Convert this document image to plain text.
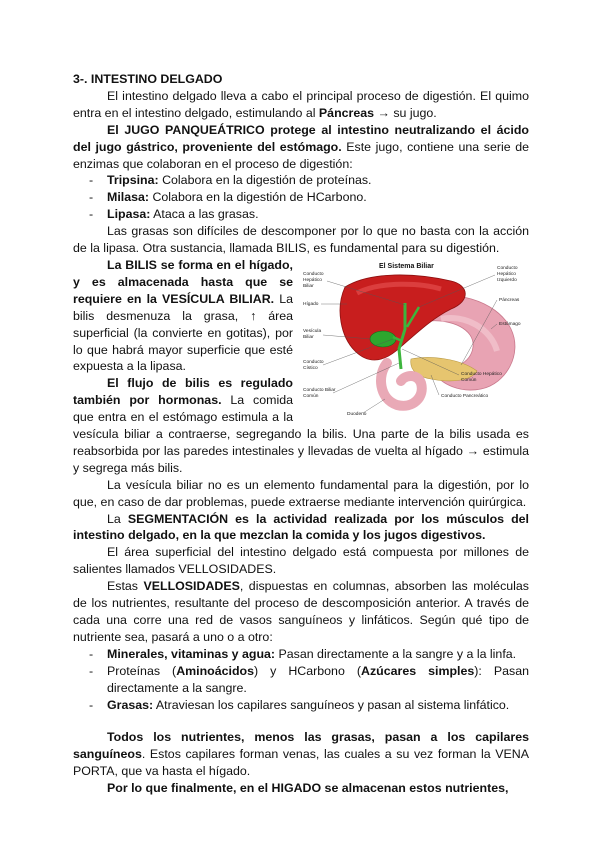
3-. INTESTINO DELGADO

El intestino delgado lleva a cabo el principal proceso de digestión. El quimo entra en el intestino delgado, estimulando al Páncreas → su jugo.

El JUGO PANQUEÁTRICO protege al intestino neutralizando el ácido del jugo gástrico, proveniente del estómago. Este jugo, contiene una serie de enzimas que colaboran en el proceso de digestión:

- Tripsina: Colabora en la digestión de proteínas.
- Milasa: Colabora en la digestión de HCarbono.
- Lipasa: Ataca a las grasas.

Las grasas son difíciles de descomponer por lo que no basta con la acción de la lipasa. Otra sustancia, llamada BILIS, es fundamental para su digestión.

El Sistema Biliar
Conducto Hepático Biliar
Hígado
Vesícula Biliar
Conducto Cístico
Conducto Biliar Común
Duodeno
Conducto Hepático Izquierdo
Páncreas
Estómago
Conducto Hepático Común
Conducto Pancreático

La BILIS se forma en el hígado, y es almacenada hasta que se requiere en la VESÍCULA BILIAR. La bilis desmenuza la grasa, ↑ área superficial (la convierte en gotitas), por lo que habrá mayor superficie que esté expuesta a la lipasa.

El flujo de bilis es regulado también por hormonas. La comida que entra en el estómago estimula a la vesícula biliar a contraerse, segregando la bilis. Una parte de la bilis usada es reabsorbida por las paredes intestinales y llevadas de vuelta al hígado → estimula y segrega más bilis.

La vesícula biliar no es un elemento fundamental para la digestión, por lo que, en caso de dar problemas, puede extraerse mediante intervención quirúrgica.

La SEGMENTACIÓN es la actividad realizada por los músculos del intestino delgado, en la que mezclan la comida y los jugos digestivos.

El área superficial del intestino delgado está compuesta por millones de salientes llamados VELLOSIDADES.

Estas VELLOSIDADES, dispuestas en columnas, absorben las moléculas de los nutrientes, resultante del proceso de descomposición anterior. A través de cada una corre una red de vasos sanguíneos y linfáticos. Según qué tipo de nutriente sea, pasará a uno o a otro:

- Minerales, vitaminas y agua: Pasan directamente a la sangre y a la linfa.
- Proteínas (Aminoácidos) y HCarbono (Azúcares simples): Pasan directamente a la sangre.
- Grasas: Atraviesan los capilares sanguíneos y pasan al sistema linfático.

Todos los nutrientes, menos las grasas, pasan a los capilares sanguíneos. Estos capilares forman venas, las cuales a su vez forman la VENA PORTA, que va hasta el hígado.

Por lo que finalmente, en el HIGADO se almacenan estos nutrientes,
